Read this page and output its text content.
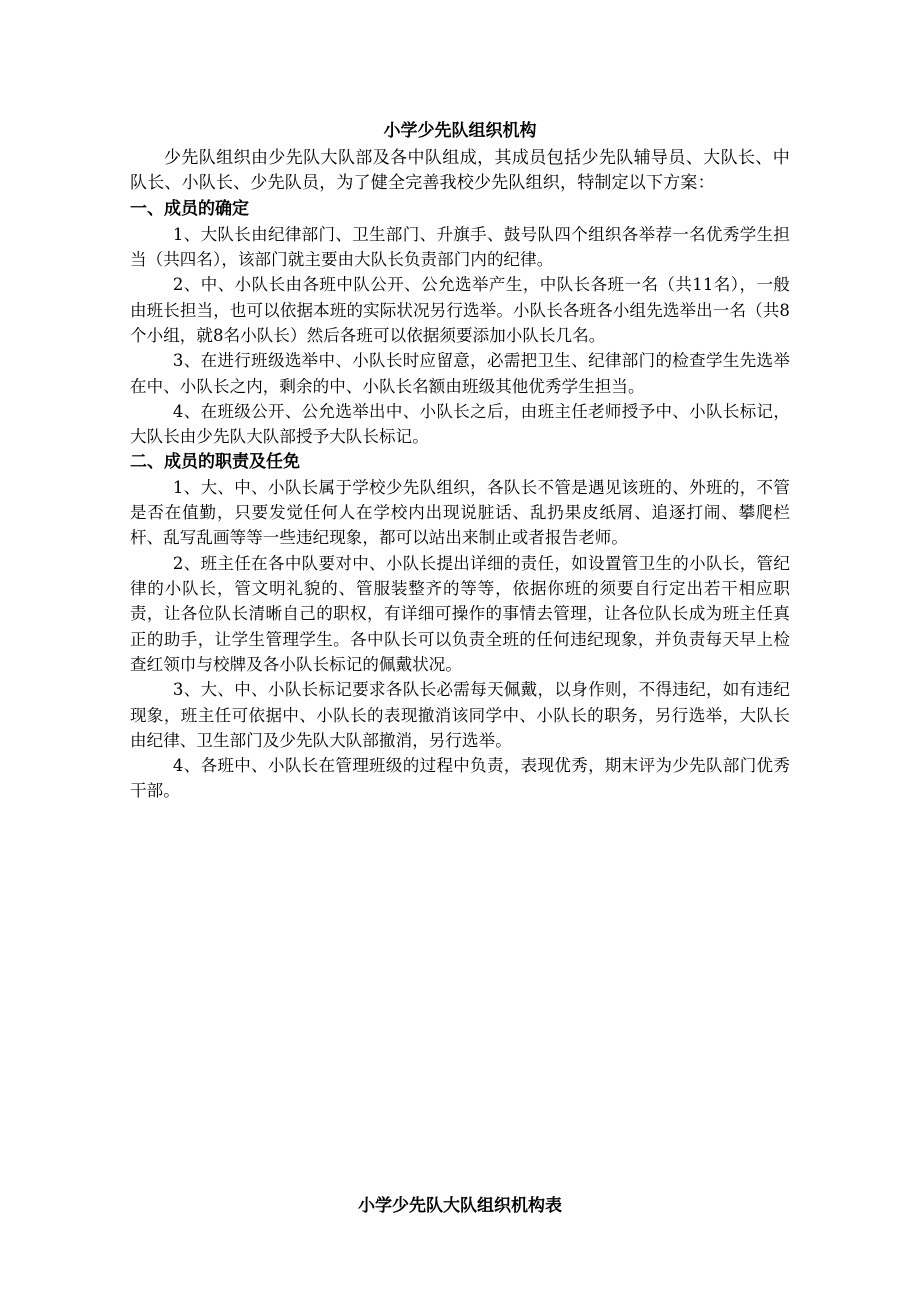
小学少先队组织机构

少先队组织由少先队大队部及各中队组成，其成员包括少先队辅导员、大队长、中队长、小队长、少先队员，为了健全完善我校少先队组织，特制定以下方案：

一、成员的确定

1、大队长由纪律部门、卫生部门、升旗手、鼓号队四个组织各举荐一名优秀学生担当（共四名），该部门就主要由大队长负责部门内的纪律。

2、中、小队长由各班中队公开、公允选举产生，中队长各班一名（共11名），一般由班长担当，也可以依据本班的实际状况另行选举。小队长各班各小组先选举出一名（共8个小组，就8名小队长）然后各班可以依据须要添加小队长几名。

3、在进行班级选举中、小队长时应留意，必需把卫生、纪律部门的检查学生先选举在中、小队长之内，剩余的中、小队长名额由班级其他优秀学生担当。

4、在班级公开、公允选举出中、小队长之后，由班主任老师授予中、小队长标记，大队长由少先队大队部授予大队长标记。

二、成员的职责及任免

1、大、中、小队长属于学校少先队组织，各队长不管是遇见该班的、外班的，不管是否在值勤，只要发觉任何人在学校内出现说脏话、乱扔果皮纸屑、追逐打闹、攀爬栏杆、乱写乱画等等一些违纪现象，都可以站出来制止或者报告老师。

2、班主任在各中队要对中、小队长提出详细的责任，如设置管卫生的小队长，管纪律的小队长，管文明礼貌的、管服装整齐的等等，依据你班的须要自行定出若干相应职责，让各位队长清晰自己的职权，有详细可操作的事情去管理，让各位队长成为班主任真正的助手，让学生管理学生。各中队长可以负责全班的任何违纪现象，并负责每天早上检查红领巾与校牌及各小队长标记的佩戴状况。

3、大、中、小队长标记要求各队长必需每天佩戴，以身作则，不得违纪，如有违纪现象，班主任可依据中、小队长的表现撤消该同学中、小队长的职务，另行选举，大队长由纪律、卫生部门及少先队大队部撤消，另行选举。

4、各班中、小队长在管理班级的过程中负责，表现优秀，期末评为少先队部门优秀干部。

小学少先队大队组织机构表
